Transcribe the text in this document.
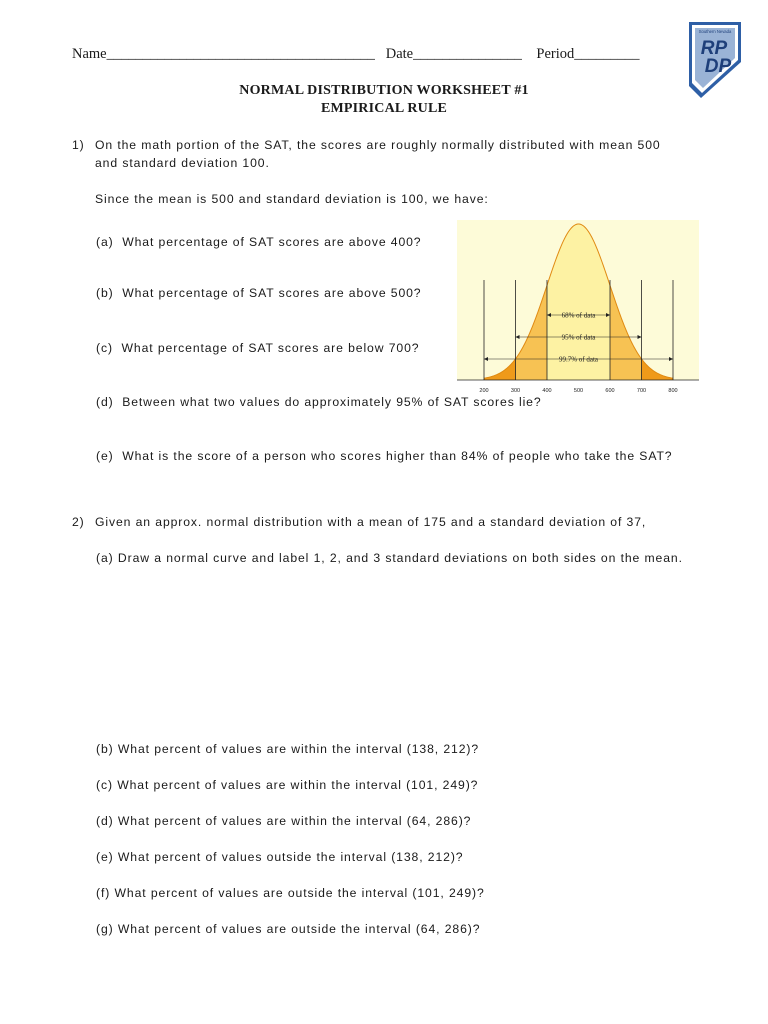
Name_____________________________________ Date_______________ Period_________
Southern Nevada
RP
DP
NORMAL DISTRIBUTION WORKSHEET #1
EMPIRICAL RULE
1) On the math portion of the SAT, the scores are roughly normally distributed with mean 500
and standard deviation 100.
Since the mean is 500 and standard deviation is 100, we have:
(a) What percentage of SAT scores are above 400?
(b) What percentage of SAT scores are above 500?
(c) What percentage of SAT scores are below 700?
(d) Between what two values do approximately 95% of SAT scores lie?
(e) What is the score of a person who scores higher than 84% of people who take the SAT?
68% of data
95% of data
99.7% of data
200	300	400	500	600	700	800
2) Given an approx. normal distribution with a mean of 175 and a standard deviation of 37,
(a) Draw a normal curve and label 1, 2, and 3 standard deviations on both sides on the mean.
(b) What percent of values are within the interval (138, 212)?
(c) What percent of values are within the interval (101, 249)?
(d) What percent of values are within the interval (64, 286)?
(e) What percent of values outside the interval (138, 212)?
(f) What percent of values are outside the interval (101, 249)?
(g) What percent of values are outside the interval (64, 286)?
